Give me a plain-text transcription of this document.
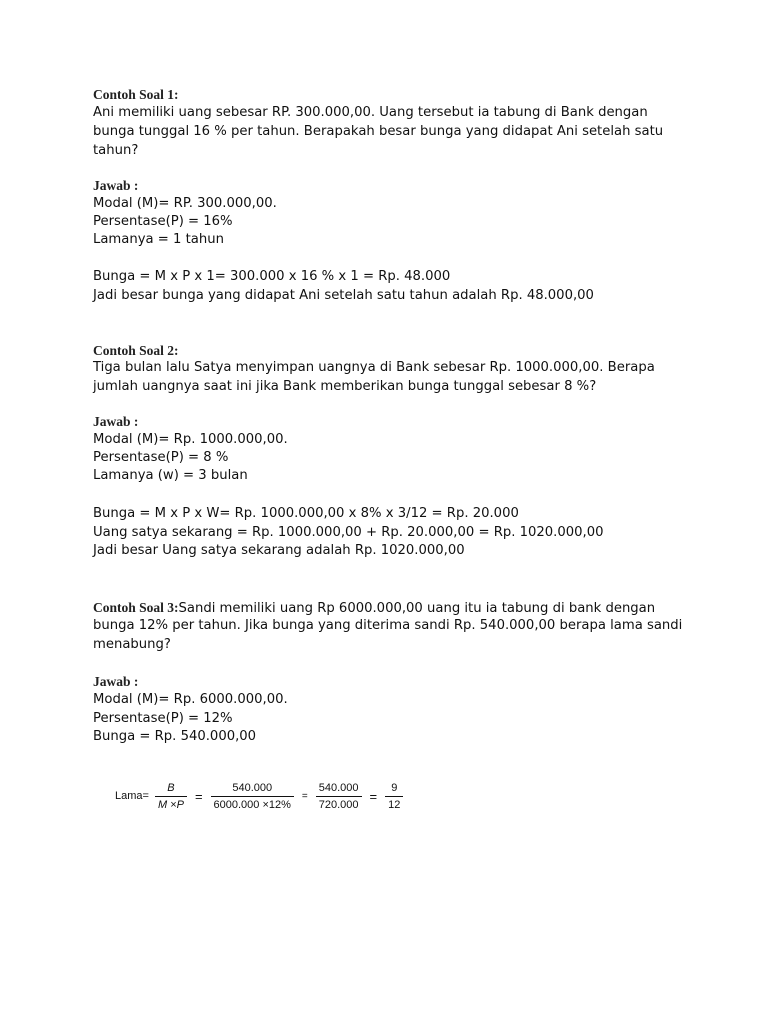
Contoh Soal 1:
Ani memiliki uang sebesar RP. 300.000,00. Uang tersebut ia tabung di Bank dengan
bunga tunggal 16 % per tahun. Berapakah besar bunga yang didapat Ani setelah satu
tahun?
Jawab :
Modal (M)= RP. 300.000,00.
Persentase(P) = 16%
Lamanya = 1 tahun
Bunga = M x P x 1= 300.000 x 16 % x 1 = Rp. 48.000
Jadi besar bunga yang didapat Ani setelah satu tahun adalah Rp. 48.000,00
Contoh Soal 2:
Tiga bulan lalu Satya menyimpan uangnya di Bank sebesar Rp. 1000.000,00. Berapa
jumlah uangnya saat ini jika Bank memberikan bunga tunggal sebesar 8 %?
Jawab :
Modal (M)= Rp. 1000.000,00.
Persentase(P) = 8 %
Lamanya (w) = 3 bulan
Bunga = M x P x W= Rp. 1000.000,00 x 8% x 3/12 = Rp. 20.000
Uang satya sekarang = Rp. 1000.000,00 + Rp. 20.000,00 = Rp. 1020.000,00
Jadi besar Uang satya sekarang adalah Rp. 1020.000,00
Contoh Soal 3:Sandi memiliki uang Rp 6000.000,00 uang itu ia tabung di bank dengan
bunga 12% per tahun. Jika bunga yang diterima sandi Rp. 540.000,00 berapa lama sandi
menabung?
Jawab :
Modal (M)= Rp. 6000.000,00.
Persentase(P) = 12%
Bunga = Rp. 540.000,00
Lama= $\frac{B}{M \times P} = \frac{540.000}{6000.000 \times 12\%} = \frac{540.000}{720.000} = \frac{9}{12}$
